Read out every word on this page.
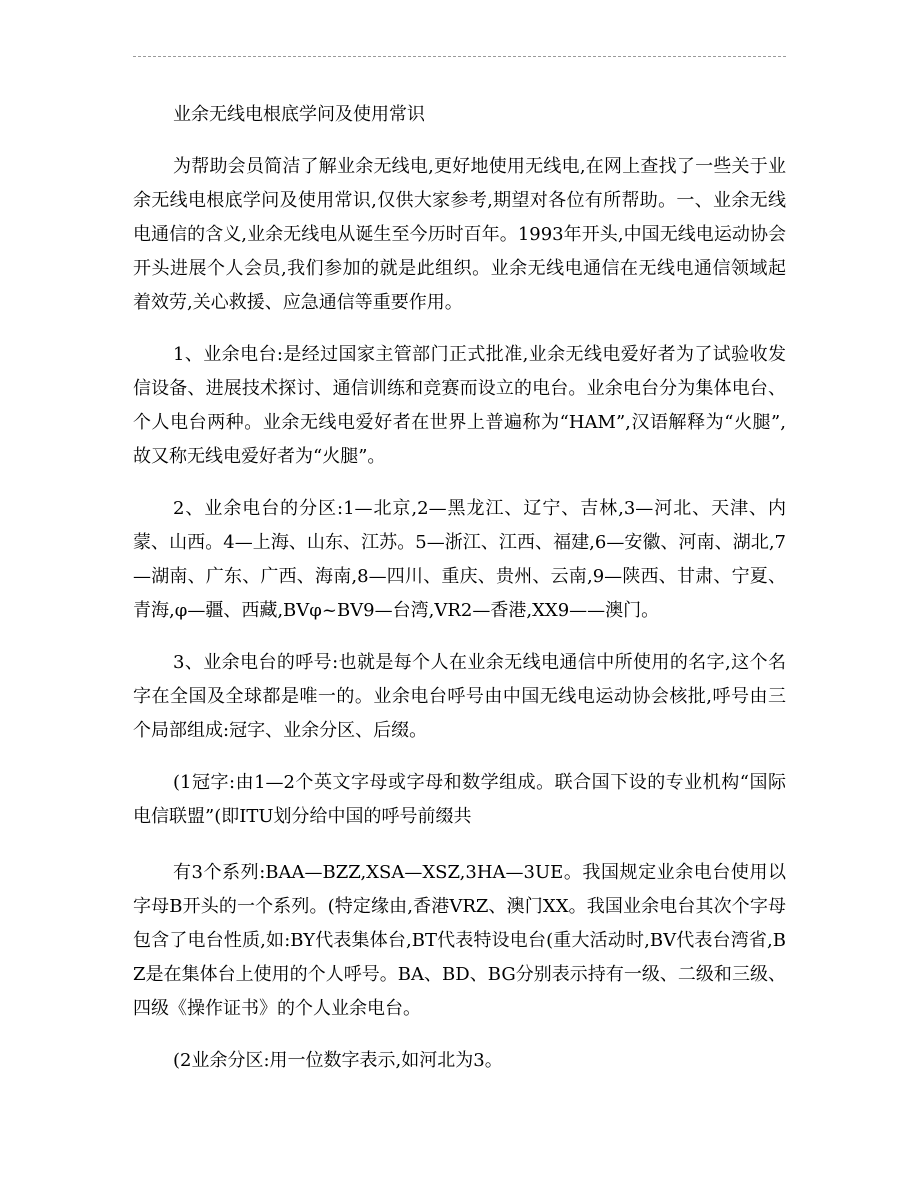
业余无线电根底学问及使用常识

为帮助会员简洁了解业余无线电,更好地使用无线电,在网上查找了一些关于业余无线电根底学问及使用常识,仅供大家参考,期望对各位有所帮助。一、业余无线电通信的含义,业余无线电从诞生至今历时百年。1993年开头,中国无线电运动协会开头进展个人会员,我们参加的就是此组织。业余无线电通信在无线电通信领域起着效劳,关心救援、应急通信等重要作用。

1、业余电台:是经过国家主管部门正式批准,业余无线电爱好者为了试验收发信设备、进展技术探讨、通信训练和竞赛而设立的电台。业余电台分为集体电台、个人电台两种。业余无线电爱好者在世界上普遍称为“HAM”,汉语解释为“火腿”,故又称无线电爱好者为“火腿”。

2、业余电台的分区:1—北京,2—黑龙江、辽宁、吉林,3—河北、天津、内蒙、山西。4—上海、山东、江苏。5—浙江、江西、福建,6—安徽、河南、湖北,7—湖南、广东、广西、海南,8—四川、重庆、贵州、云南,9—陕西、甘肃、宁夏、青海,φ—疆、西藏,BVφ~BV9—台湾,VR2—香港,XX9——澳门。

3、业余电台的呼号:也就是每个人在业余无线电通信中所使用的名字,这个名字在全国及全球都是唯一的。业余电台呼号由中国无线电运动协会核批,呼号由三个局部组成:冠字、业余分区、后缀。

(1冠字:由1—2个英文字母或字母和数学组成。联合国下设的专业机构“国际电信联盟”(即ITU划分给中国的呼号前缀共

有3个系列:BAA—BZZ,XSA—XSZ,3HA—3UE。我国规定业余电台使用以字母B开头的一个系列。(特定缘由,香港VRZ、澳门XX。我国业余电台其次个字母包含了电台性质,如:BY代表集体台,BT代表特设电台(重大活动时,BV代表台湾省,BZ是在集体台上使用的个人呼号。BA、BD、BG分别表示持有一级、二级和三级、四级《操作证书》的个人业余电台。

(2业余分区:用一位数字表示,如河北为3。
